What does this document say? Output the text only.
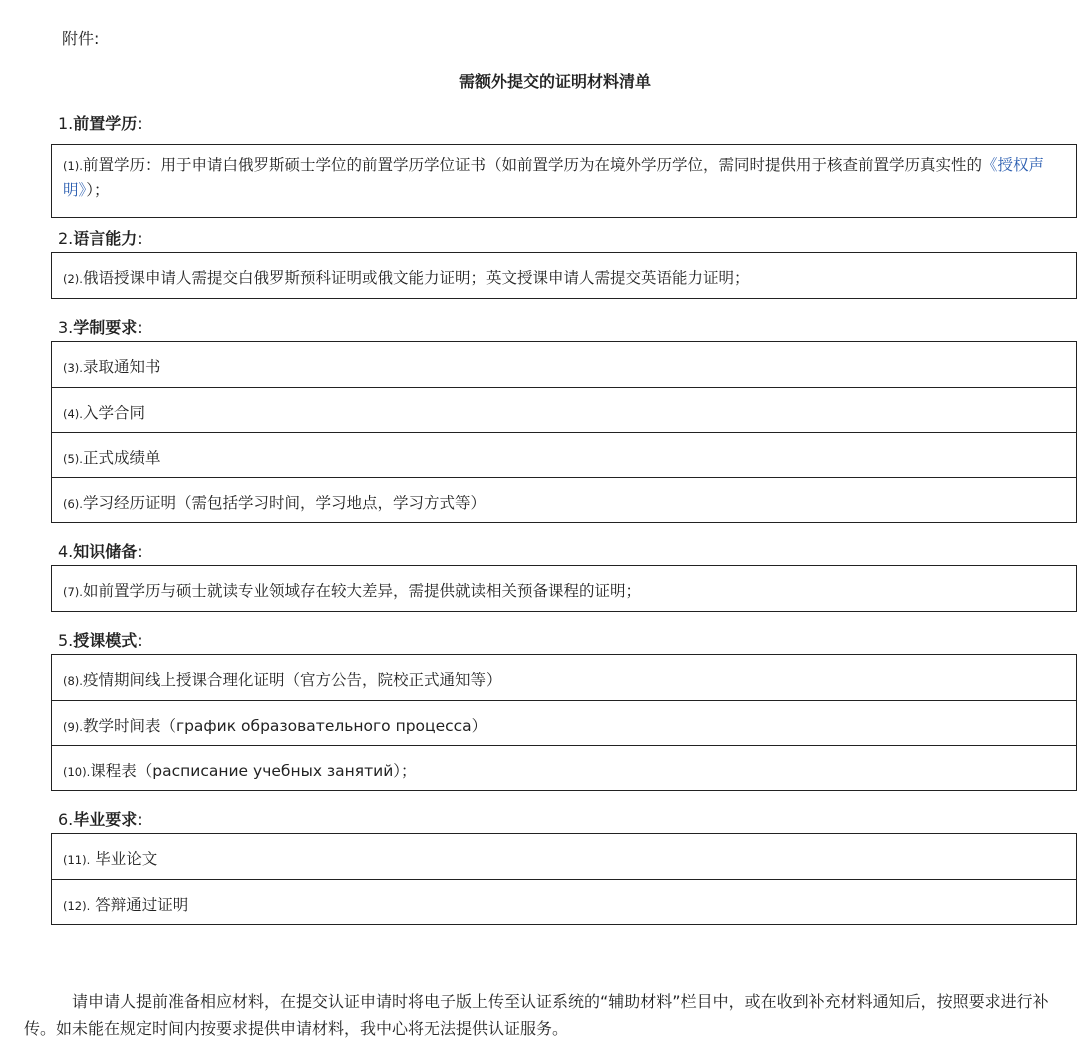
附件:
需额外提交的证明材料清单
1.前置学历:
(1).前置学历：用于申请白俄罗斯硕士学位的前置学历学位证书（如前置学历为在境外学历学位，需同时提供用于核查前置学历真实性的《授权声明》）；
2.语言能力:
(2).俄语授课申请人需提交白俄罗斯预科证明或俄文能力证明；英文授课申请人需提交英语能力证明；
3.学制要求:
(3).录取通知书
(4).入学合同
(5).正式成绩单
(6).学习经历证明（需包括学习时间，学习地点，学习方式等）
4.知识储备:
(7).如前置学历与硕士就读专业领域存在较大差异，需提供就读相关预备课程的证明；
5.授课模式:
(8).疫情期间线上授课合理化证明（官方公告，院校正式通知等）
(9).教学时间表（график образовательного процесса）
(10).课程表（расписание учебных занятий）；
6.毕业要求:
(11). 毕业论文
(12). 答辩通过证明
请申请人提前准备相应材料，在提交认证申请时将电子版上传至认证系统的“辅助材料”栏目中，或在收到补充材料通知后，按照要求进行补传。如未能在规定时间内按要求提供申请材料，我中心将无法提供认证服务。
